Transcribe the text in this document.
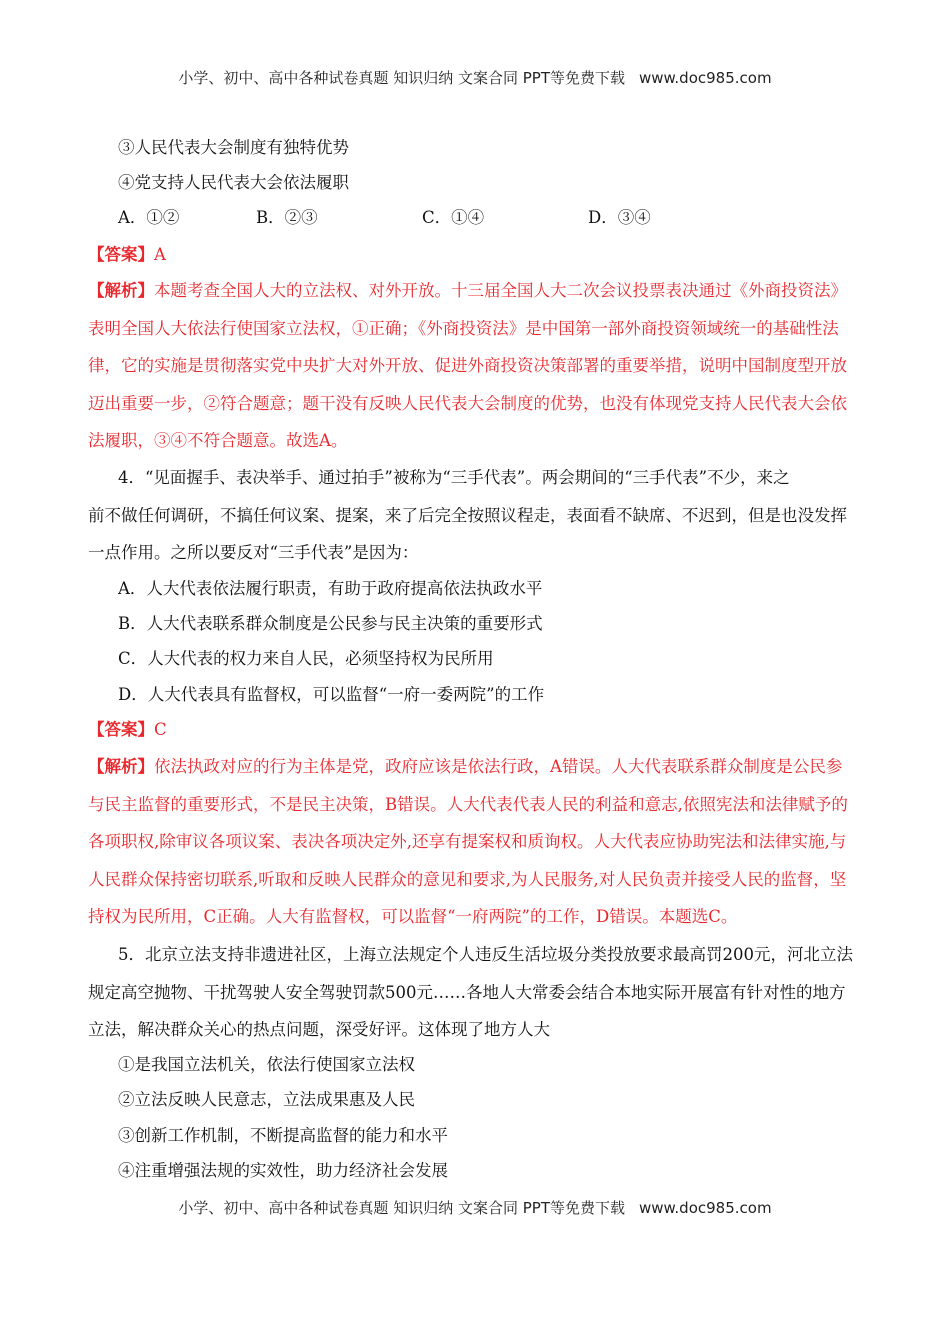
小学、初中、高中各种试卷真题 知识归纳 文案合同 PPT等免费下载 www.doc985.com
③人民代表大会制度有独特优势
④党支持人民代表大会依法履职
A．①②	B．②③	C．①④	D．③④
【答案】A
【解析】本题考查全国人大的立法权、对外开放。十三届全国人大二次会议投票表决通过《外商投资法》
表明全国人大依法行使国家立法权，①正确；《外商投资法》是中国第一部外商投资领域统一的基础性法
律，它的实施是贯彻落实党中央扩大对外开放、促进外商投资决策部署的重要举措，说明中国制度型开放
迈出重要一步，②符合题意；题干没有反映人民代表大会制度的优势，也没有体现党支持人民代表大会依
法履职，③④不符合题意。故选A。
4．“见面握手、表决举手、通过拍手”被称为“三手代表”。两会期间的“三手代表”不少，来之
前不做任何调研，不搞任何议案、提案，来了后完全按照议程走，表面看不缺席、不迟到，但是也没发挥
一点作用。之所以要反对“三手代表”是因为：
A．人大代表依法履行职责，有助于政府提高依法执政水平
B．人大代表联系群众制度是公民参与民主决策的重要形式
C．人大代表的权力来自人民，必须坚持权为民所用
D．人大代表具有监督权，可以监督“一府一委两院”的工作
【答案】C
【解析】依法执政对应的行为主体是党，政府应该是依法行政，A错误。人大代表联系群众制度是公民参
与民主监督的重要形式，不是民主决策，B错误。人大代表代表人民的利益和意志,依照宪法和法律赋予的
各项职权,除审议各项议案、表决各项决定外,还享有提案权和质询权。人大代表应协助宪法和法律实施,与
人民群众保持密切联系,听取和反映人民群众的意见和要求,为人民服务,对人民负责并接受人民的监督，坚
持权为民所用，C正确。人大有监督权，可以监督“一府两院”的工作，D错误。本题选C。
5．北京立法支持非遗进社区，上海立法规定个人违反生活垃圾分类投放要求最高罚200元，河北立法
规定高空抛物、干扰驾驶人安全驾驶罚款500元……各地人大常委会结合本地实际开展富有针对性的地方
立法，解决群众关心的热点问题，深受好评。这体现了地方人大
①是我国立法机关，依法行使国家立法权
②立法反映人民意志，立法成果惠及人民
③创新工作机制，不断提高监督的能力和水平
④注重增强法规的实效性，助力经济社会发展
小学、初中、高中各种试卷真题 知识归纳 文案合同 PPT等免费下载 www.doc985.com
